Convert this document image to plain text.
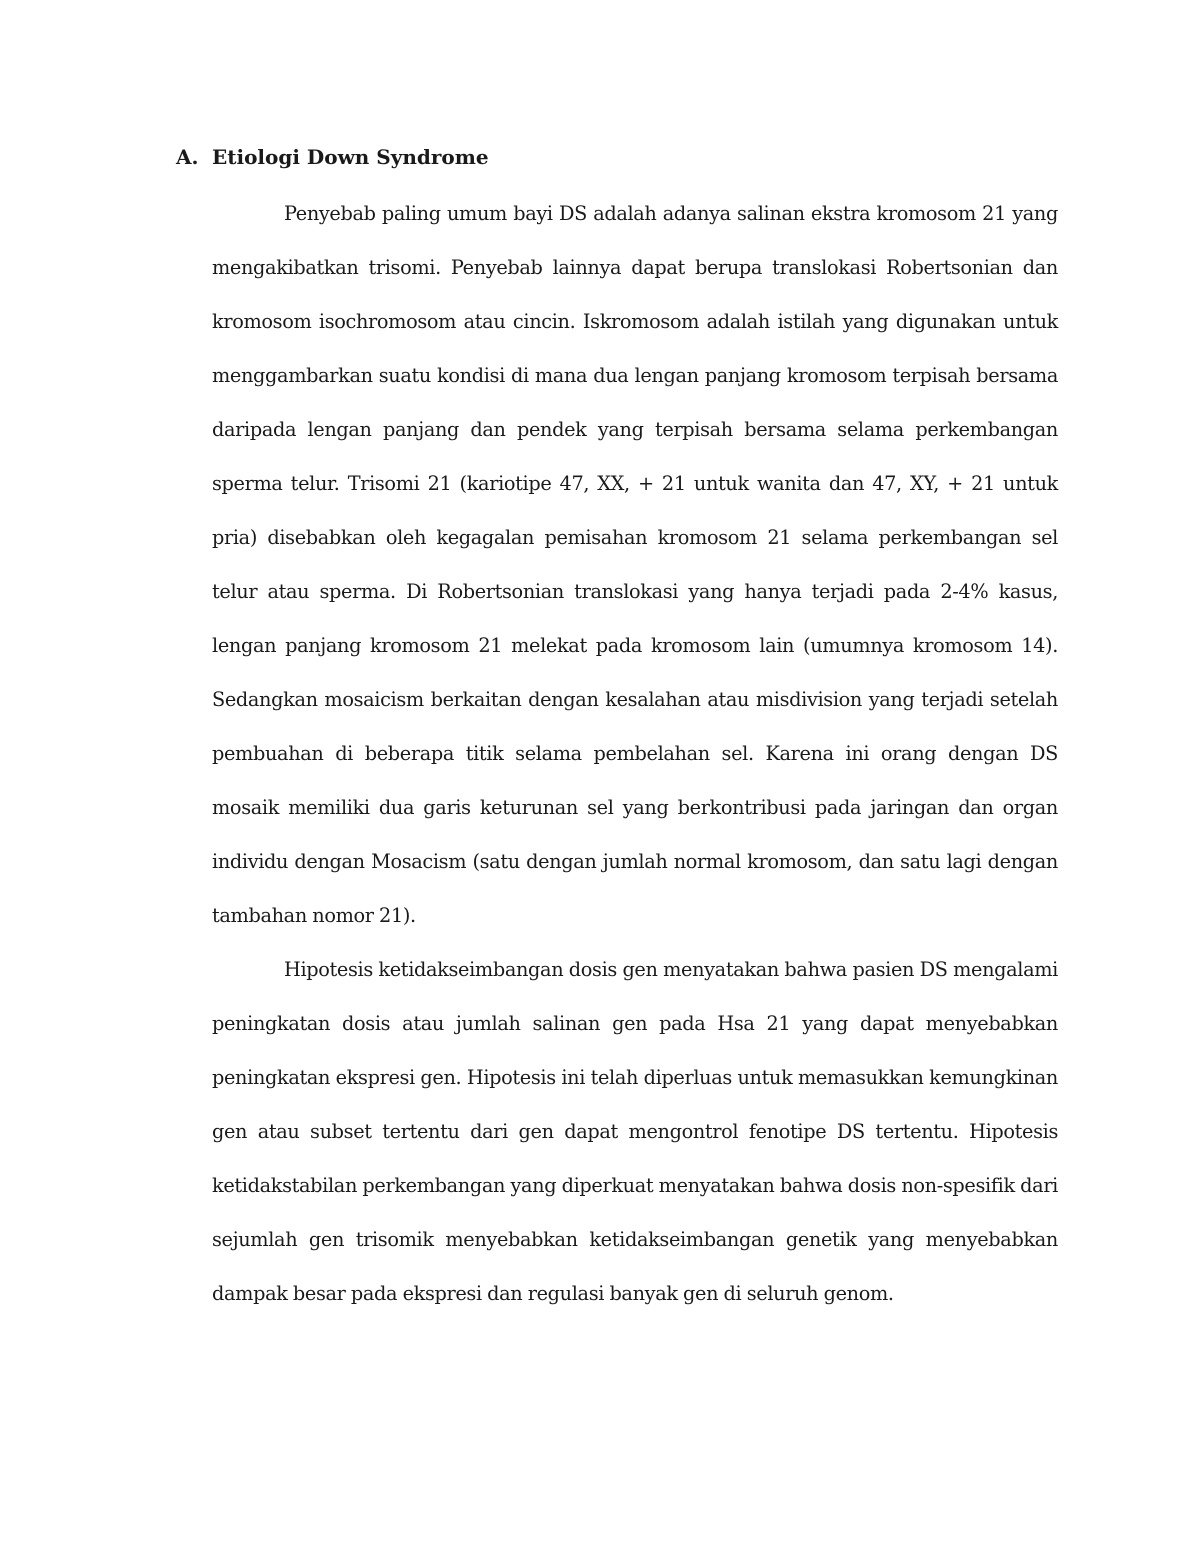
A. Etiologi Down Syndrome

Penyebab paling umum bayi DS adalah adanya salinan ekstra kromosom 21 yang mengakibatkan trisomi. Penyebab lainnya dapat berupa translokasi Robertsonian dan kromosom isochromosom atau cincin. Iskromosom adalah istilah yang digunakan untuk menggambarkan suatu kondisi di mana dua lengan panjang kromosom terpisah bersama daripada lengan panjang dan pendek yang terpisah bersama selama perkembangan sperma telur. Trisomi 21 (kariotipe 47, XX, + 21 untuk wanita dan 47, XY, + 21 untuk pria) disebabkan oleh kegagalan pemisahan kromosom 21 selama perkembangan sel telur atau sperma. Di Robertsonian translokasi yang hanya terjadi pada 2-4% kasus, lengan panjang kromosom 21 melekat pada kromosom lain (umumnya kromosom 14). Sedangkan mosaicism berkaitan dengan kesalahan atau misdivision yang terjadi setelah pembuahan di beberapa titik selama pembelahan sel. Karena ini orang dengan DS mosaik memiliki dua garis keturunan sel yang berkontribusi pada jaringan dan organ individu dengan Mosacism (satu dengan jumlah normal kromosom, dan satu lagi dengan tambahan nomor 21).

Hipotesis ketidakseimbangan dosis gen menyatakan bahwa pasien DS mengalami peningkatan dosis atau jumlah salinan gen pada Hsa 21 yang dapat menyebabkan peningkatan ekspresi gen. Hipotesis ini telah diperluas untuk memasukkan kemungkinan gen atau subset tertentu dari gen dapat mengontrol fenotipe DS tertentu. Hipotesis ketidakstabilan perkembangan yang diperkuat menyatakan bahwa dosis non-spesifik dari sejumlah gen trisomik menyebabkan ketidakseimbangan genetik yang menyebabkan dampak besar pada ekspresi dan regulasi banyak gen di seluruh genom.
